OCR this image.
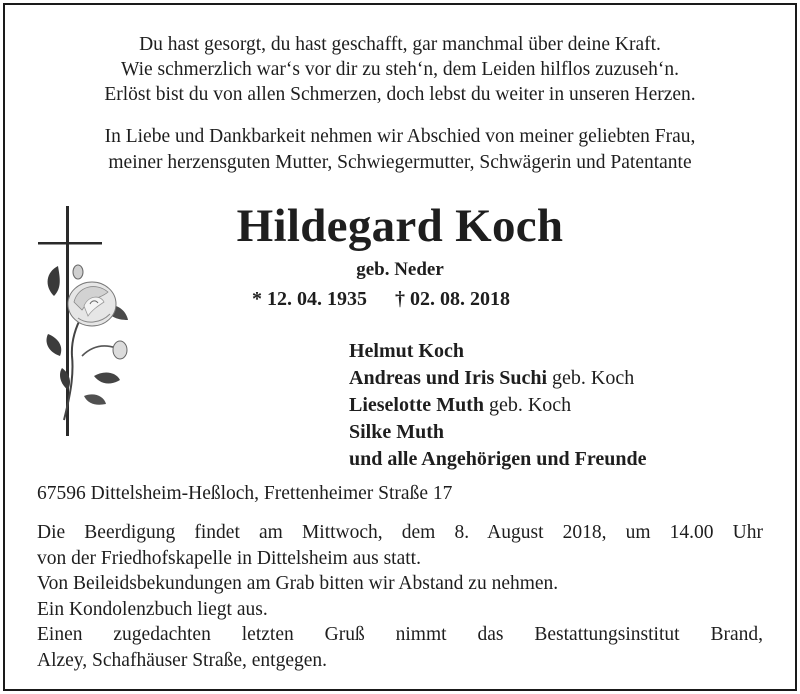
Du hast gesorgt, du hast geschafft, gar manchmal über deine Kraft.
Wie schmerzlich war‘s vor dir zu steh‘n, dem Leiden hilflos zuzuseh‘n.
Erlöst bist du von allen Schmerzen, doch lebst du weiter in unseren Herzen.
In Liebe und Dankbarkeit nehmen wir Abschied von meiner geliebten Frau,
meiner herzensguten Mutter, Schwiegermutter, Schwägerin und Patentante
Hildegard Koch
geb. Neder
* 12. 04. 1935 † 02. 08. 2018
Helmut Koch
Andreas und Iris Suchi geb. Koch
Lieselotte Muth geb. Koch
Silke Muth
und alle Angehörigen und Freunde
67596 Dittelsheim-Heßloch, Frettenheimer Straße 17
Die Beerdigung findet am Mittwoch, dem 8. August 2018, um 14.00 Uhr
von der Friedhofskapelle in Dittelsheim aus statt.
Von Beileidsbekundungen am Grab bitten wir Abstand zu nehmen.
Ein Kondolenzbuch liegt aus.
Einen zugedachten letzten Gruß nimmt das Bestattungsinstitut Brand,
Alzey, Schafhäuser Straße, entgegen.
